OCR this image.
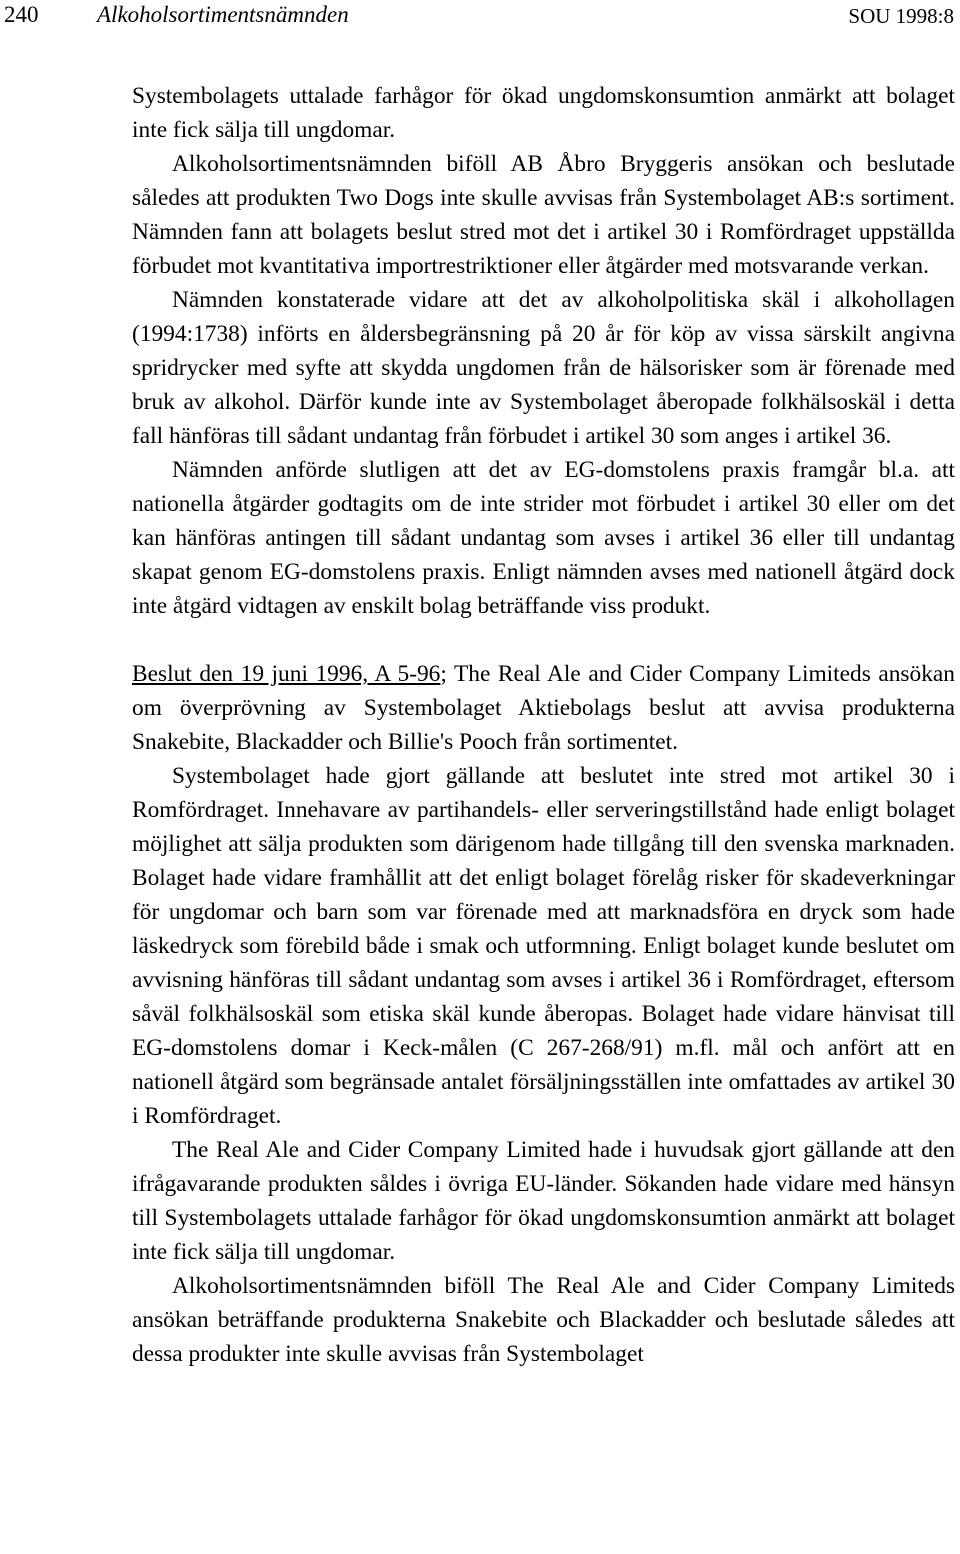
240	Alkoholsortimentsnämnden	SOU 1998:8

Systembolagets uttalade farhågor för ökad ungdomskonsumtion anmärkt att bolaget inte fick sälja till ungdomar.

Alkoholsortimentsnämnden biföll AB Åbro Bryggeris ansökan och beslutade således att produkten Two Dogs inte skulle avvisas från Systembolaget AB:s sortiment. Nämnden fann att bolagets beslut stred mot det i artikel 30 i Romfördraget uppställda förbudet mot kvantitativa importrestriktioner eller åtgärder med motsvarande verkan.

Nämnden konstaterade vidare att det av alkoholpolitiska skäl i alkohollagen (1994:1738) införts en åldersbegränsning på 20 år för köp av vissa särskilt angivna spridrycker med syfte att skydda ungdomen från de hälsorisker som är förenade med bruk av alkohol. Därför kunde inte av Systembolaget åberopade folkhälsoskäl i detta fall hänföras till sådant undantag från förbudet i artikel 30 som anges i artikel 36.

Nämnden anförde slutligen att det av EG-domstolens praxis framgår bl.a. att nationella åtgärder godtagits om de inte strider mot förbudet i artikel 30 eller om det kan hänföras antingen till sådant undantag som avses i artikel 36 eller till undantag skapat genom EG-domstolens praxis. Enligt nämnden avses med nationell åtgärd dock inte åtgärd vidtagen av enskilt bolag beträffande viss produkt.

Beslut den 19 juni 1996, A 5-96; The Real Ale and Cider Company Limiteds ansökan om överprövning av Systembolaget Aktiebolags beslut att avvisa produkterna Snakebite, Blackadder och Billie's Pooch från sortimentet.

Systembolaget hade gjort gällande att beslutet inte stred mot artikel 30 i Romfördraget. Innehavare av partihandels- eller serveringstillstånd hade enligt bolaget möjlighet att sälja produkten som därigenom hade tillgång till den svenska marknaden. Bolaget hade vidare framhållit att det enligt bolaget förelåg risker för skadeverkningar för ungdomar och barn som var förenade med att marknadsföra en dryck som hade läskedryck som förebild både i smak och utformning. Enligt bolaget kunde beslutet om avvisning hänföras till sådant undantag som avses i artikel 36 i Romfördraget, eftersom såväl folkhälsoskäl som etiska skäl kunde åberopas. Bolaget hade vidare hänvisat till EG-domstolens domar i Keck-målen (C 267-268/91) m.fl. mål och anfört att en nationell åtgärd som begränsade antalet försäljningsställen inte omfattades av artikel 30 i Romfördraget.

The Real Ale and Cider Company Limited hade i huvudsak gjort gällande att den ifrågavarande produkten såldes i övriga EU-länder. Sökanden hade vidare med hänsyn till Systembolagets uttalade farhågor för ökad ungdomskonsumtion anmärkt att bolaget inte fick sälja till ungdomar.

Alkoholsortimentsnämnden biföll The Real Ale and Cider Company Limiteds ansökan beträffande produkterna Snakebite och Blackadder och beslutade således att dessa produkter inte skulle avvisas från Systembolaget
